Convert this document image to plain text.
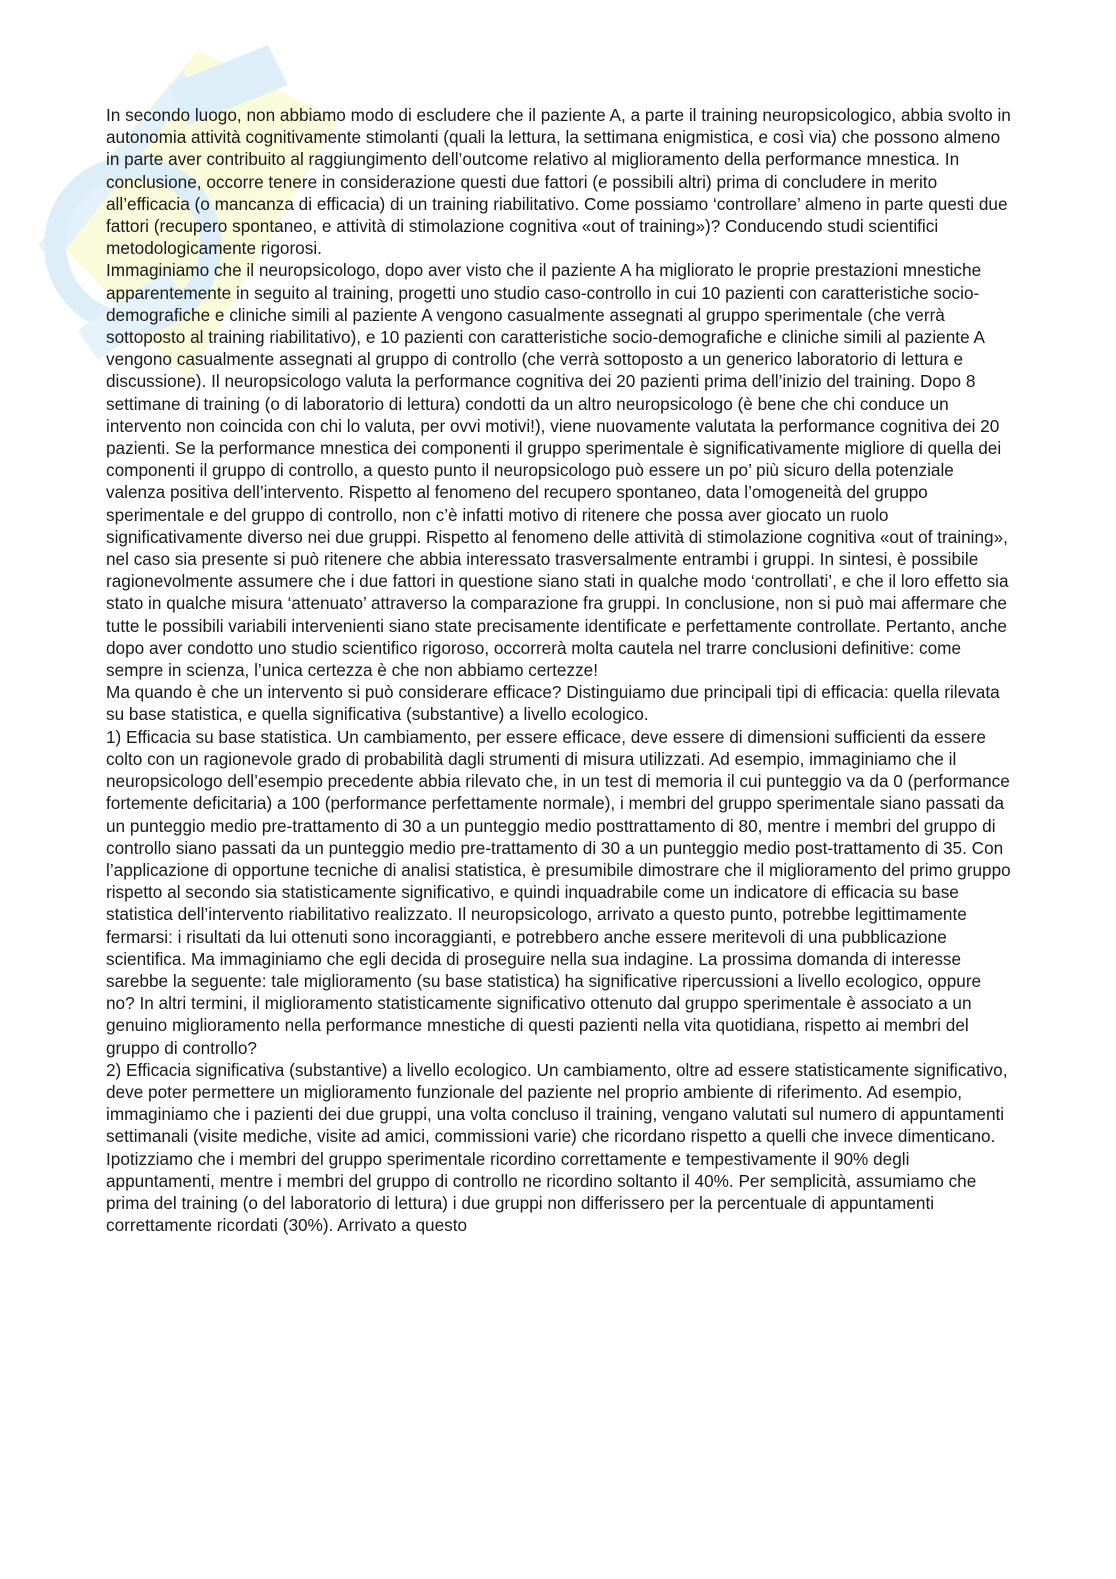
In secondo luogo, non abbiamo modo di escludere che il paziente A, a parte il training neuropsicologico, abbia svolto in autonomia attività cognitivamente stimolanti (quali la lettura, la settimana enigmistica, e così via) che possono almeno in parte aver contribuito al raggiungimento dell’outcome relativo al miglioramento della performance mnestica. In conclusione, occorre tenere in considerazione questi due fattori (e possibili altri) prima di concludere in merito all’efficacia (o mancanza di efficacia) di un training riabilitativo. Come possiamo ‘controllare’ almeno in parte questi due fattori (recupero spontaneo, e attività di stimolazione cognitiva «out of training»)? Conducendo studi scientifici metodologicamente rigorosi.

Immaginiamo che il neuropsicologo, dopo aver visto che il paziente A ha migliorato le proprie prestazioni mnestiche apparentemente in seguito al training, progetti uno studio caso-controllo in cui 10 pazienti con caratteristiche socio-demografiche e cliniche simili al paziente A vengono casualmente assegnati al gruppo sperimentale (che verrà sottoposto al training riabilitativo), e 10 pazienti con caratteristiche socio-demografiche e cliniche simili al paziente A vengono casualmente assegnati al gruppo di controllo (che verrà sottoposto a un generico laboratorio di lettura e discussione). Il neuropsicologo valuta la performance cognitiva dei 20 pazienti prima dell’inizio del training. Dopo 8 settimane di training (o di laboratorio di lettura) condotti da un altro neuropsicologo (è bene che chi conduce un intervento non coincida con chi lo valuta, per ovvi motivi!), viene nuovamente valutata la performance cognitiva dei 20 pazienti. Se la performance mnestica dei componenti il gruppo sperimentale è significativamente migliore di quella dei componenti il gruppo di controllo, a questo punto il neuropsicologo può essere un po’ più sicuro della potenziale valenza positiva dell’intervento. Rispetto al fenomeno del recupero spontaneo, data l’omogeneità del gruppo sperimentale e del gruppo di controllo, non c’è infatti motivo di ritenere che possa aver giocato un ruolo significativamente diverso nei due gruppi. Rispetto al fenomeno delle attività di stimolazione cognitiva «out of training», nel caso sia presente si può ritenere che abbia interessato trasversalmente entrambi i gruppi. In sintesi, è possibile ragionevolmente assumere che i due fattori in questione siano stati in qualche modo ‘controllati’, e che il loro effetto sia stato in qualche misura ‘attenuato’ attraverso la comparazione fra gruppi. In conclusione, non si può mai affermare che tutte le possibili variabili intervenienti siano state precisamente identificate e perfettamente controllate. Pertanto, anche dopo aver condotto uno studio scientifico rigoroso, occorrerà molta cautela nel trarre conclusioni definitive: come sempre in scienza, l’unica certezza è che non abbiamo certezze!

Ma quando è che un intervento si può considerare efficace? Distinguiamo due principali tipi di efficacia: quella rilevata su base statistica, e quella significativa (substantive) a livello ecologico.

1) Efficacia su base statistica. Un cambiamento, per essere efficace, deve essere di dimensioni sufficienti da essere colto con un ragionevole grado di probabilità dagli strumenti di misura utilizzati. Ad esempio, immaginiamo che il neuropsicologo dell’esempio precedente abbia rilevato che, in un test di memoria il cui punteggio va da 0 (performance fortemente deficitaria) a 100 (performance perfettamente normale), i membri del gruppo sperimentale siano passati da un punteggio medio pre-trattamento di 30 a un punteggio medio posttrattamento di 80, mentre i membri del gruppo di controllo siano passati da un punteggio medio pre-trattamento di 30 a un punteggio medio post-trattamento di 35. Con l’applicazione di opportune tecniche di analisi statistica, è presumibile dimostrare che il miglioramento del primo gruppo rispetto al secondo sia statisticamente significativo, e quindi inquadrabile come un indicatore di efficacia su base statistica dell’intervento riabilitativo realizzato. Il neuropsicologo, arrivato a questo punto, potrebbe legittimamente fermarsi: i risultati da lui ottenuti sono incoraggianti, e potrebbero anche essere meritevoli di una pubblicazione scientifica. Ma immaginiamo che egli decida di proseguire nella sua indagine. La prossima domanda di interesse sarebbe la seguente: tale miglioramento (su base statistica) ha significative ripercussioni a livello ecologico, oppure no? In altri termini, il miglioramento statisticamente significativo ottenuto dal gruppo sperimentale è associato a un genuino miglioramento nella performance mnestiche di questi pazienti nella vita quotidiana, rispetto ai membri del gruppo di controllo?

2) Efficacia significativa (substantive) a livello ecologico. Un cambiamento, oltre ad essere statisticamente significativo, deve poter permettere un miglioramento funzionale del paziente nel proprio ambiente di riferimento. Ad esempio, immaginiamo che i pazienti dei due gruppi, una volta concluso il training, vengano valutati sul numero di appuntamenti settimanali (visite mediche, visite ad amici, commissioni varie) che ricordano rispetto a quelli che invece dimenticano. Ipotizziamo che i membri del gruppo sperimentale ricordino correttamente e tempestivamente il 90% degli appuntamenti, mentre i membri del gruppo di controllo ne ricordino soltanto il 40%. Per semplicità, assumiamo che prima del training (o del laboratorio di lettura) i due gruppi non differissero per la percentuale di appuntamenti correttamente ricordati (30%). Arrivato a questo
